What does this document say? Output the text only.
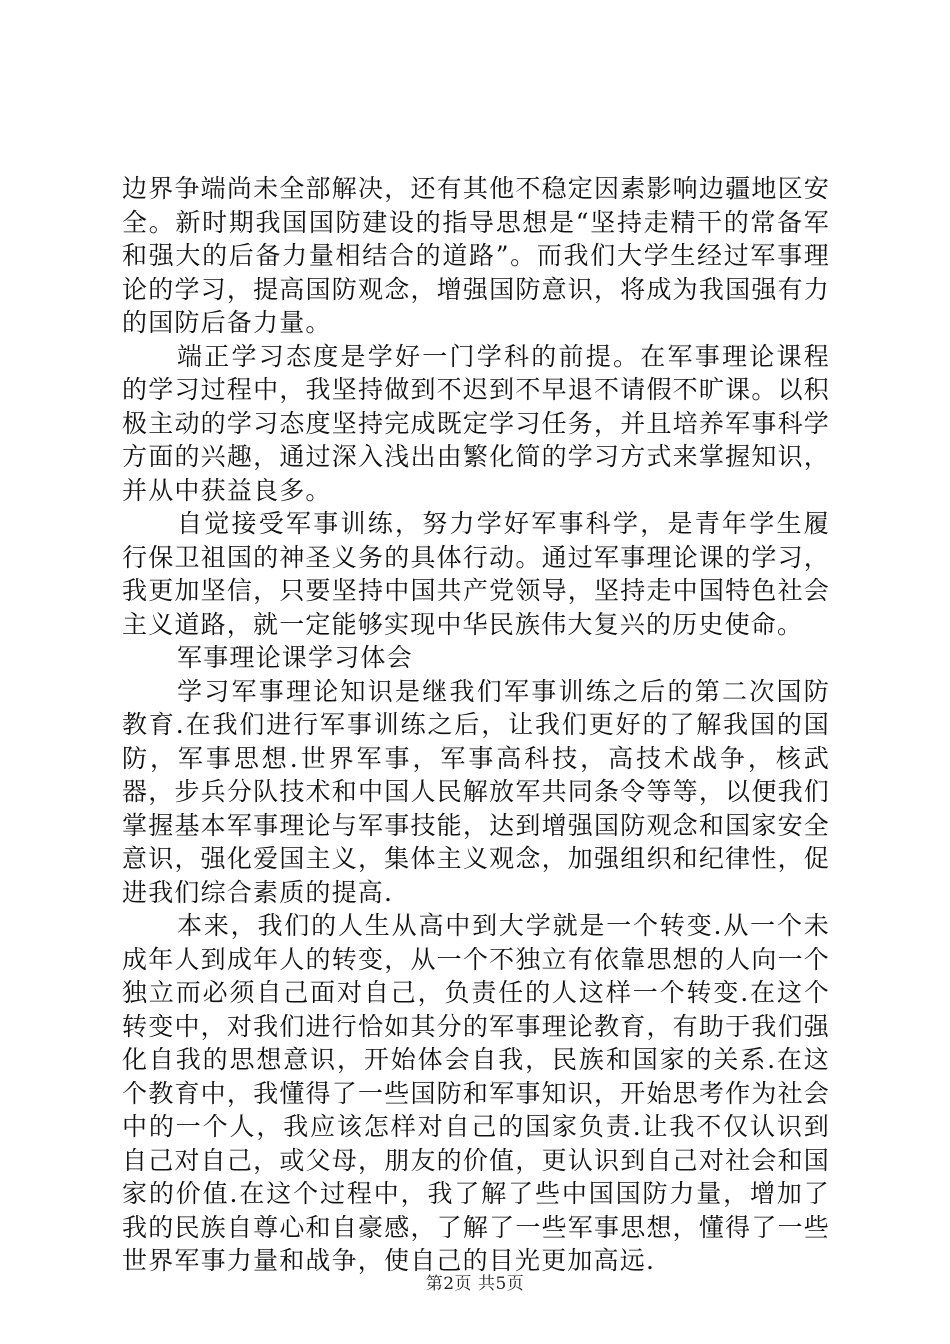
边界争端尚未全部解决，还有其他不稳定因素影响边疆地区安全。新时期我国国防建设的指导思想是“坚持走精干的常备军和强大的后备力量相结合的道路”。而我们大学生经过军事理论的学习，提高国防观念，增强国防意识，将成为我国强有力的国防后备力量。

端正学习态度是学好一门学科的前提。在军事理论课程的学习过程中，我坚持做到不迟到不早退不请假不旷课。以积极主动的学习态度坚持完成既定学习任务，并且培养军事科学方面的兴趣，通过深入浅出由繁化简的学习方式来掌握知识，并从中获益良多。

自觉接受军事训练，努力学好军事科学，是青年学生履行保卫祖国的神圣义务的具体行动。通过军事理论课的学习，我更加坚信，只要坚持中国共产党领导，坚持走中国特色社会主义道路，就一定能够实现中华民族伟大复兴的历史使命。

军事理论课学习体会

学习军事理论知识是继我们军事训练之后的第二次国防教育.在我们进行军事训练之后，让我们更好的了解我国的国防，军事思想.世界军事，军事高科技，高技术战争，核武器，步兵分队技术和中国人民解放军共同条令等等，以便我们掌握基本军事理论与军事技能，达到增强国防观念和国家安全意识，强化爱国主义，集体主义观念，加强组织和纪律性，促进我们综合素质的提高.

本来，我们的人生从高中到大学就是一个转变.从一个未成年人到成年人的转变，从一个不独立有依靠思想的人向一个独立而必须自己面对自己，负责任的人这样一个转变.在这个转变中，对我们进行恰如其分的军事理论教育，有助于我们强化自我的思想意识，开始体会自我，民族和国家的关系.在这个教育中，我懂得了一些国防和军事知识，开始思考作为社会中的一个人，我应该怎样对自己的国家负责.让我不仅认识到自己对自己，或父母，朋友的价值，更认识到自己对社会和国家的价值.在这个过程中，我了解了些中国国防力量，增加了我的民族自尊心和自豪感，了解了一些军事思想，懂得了一些世界军事力量和战争，使自己的目光更加高远.

第2页 共5页
